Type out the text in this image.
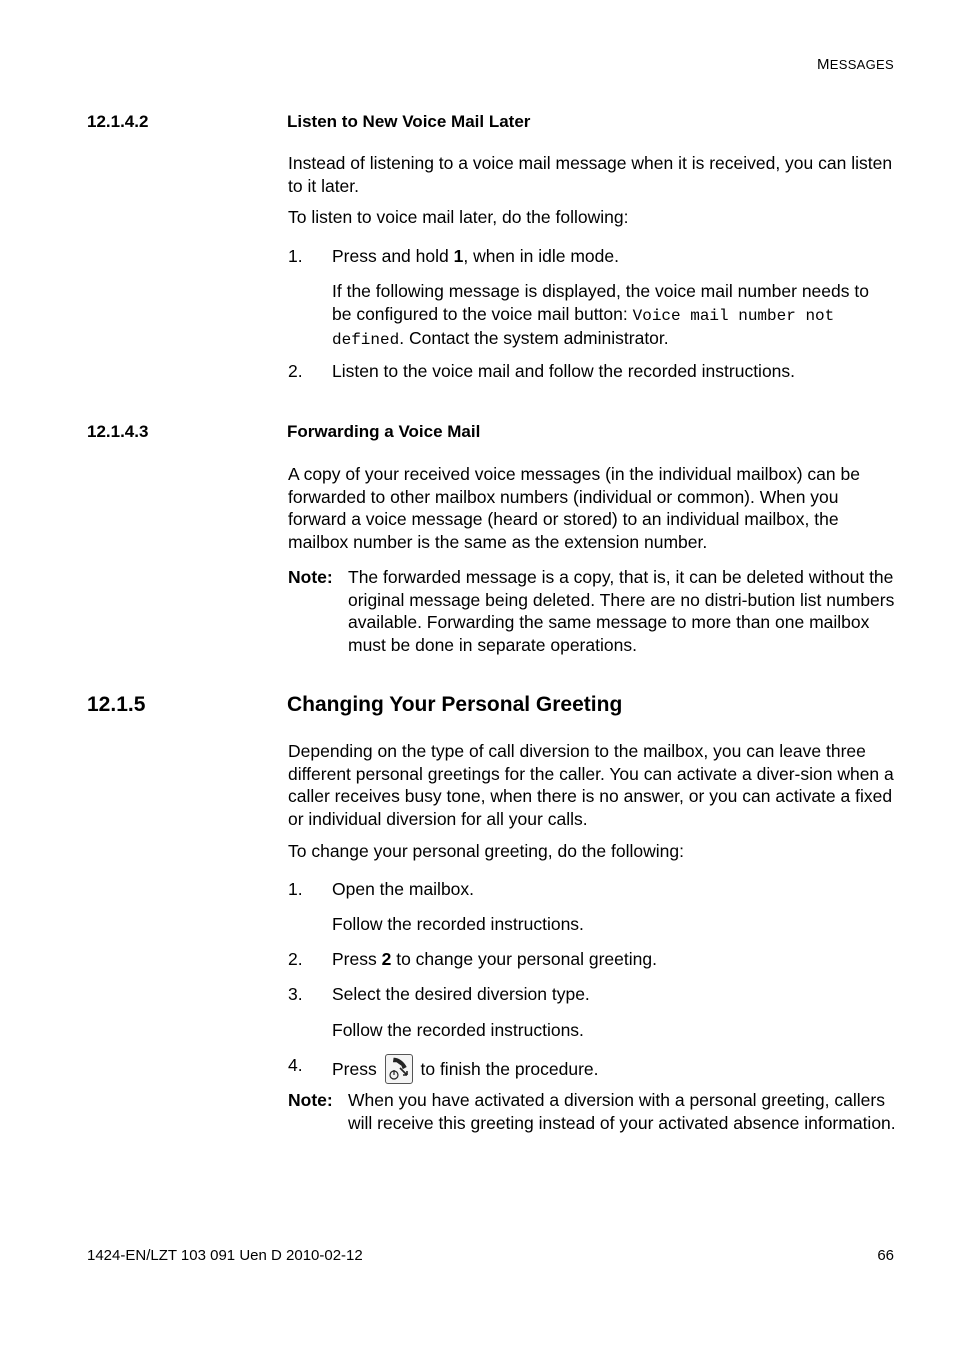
MESSAGES
12.1.4.2	Listen to New Voice Mail Later
Instead of listening to a voice mail message when it is received, you can listen to it later.
To listen to voice mail later, do the following:
1. Press and hold 1, when in idle mode.
If the following message is displayed, the voice mail number needs to be configured to the voice mail button: Voice mail number not defined. Contact the system administrator.
2. Listen to the voice mail and follow the recorded instructions.
12.1.4.3	Forwarding a Voice Mail
A copy of your received voice messages (in the individual mailbox) can be forwarded to other mailbox numbers (individual or common). When you forward a voice message (heard or stored) to an individual mailbox, the mailbox number is the same as the extension number.
Note: The forwarded message is a copy, that is, it can be deleted without the original message being deleted. There are no distri-bution list numbers available. Forwarding the same message to more than one mailbox must be done in separate operations.
12.1.5	Changing Your Personal Greeting
Depending on the type of call diversion to the mailbox, you can leave three different personal greetings for the caller. You can activate a diver-sion when a caller receives busy tone, when there is no answer, or you can activate a fixed or individual diversion for all your calls.
To change your personal greeting, do the following:
1. Open the mailbox.
Follow the recorded instructions.
2. Press 2 to change your personal greeting.
3. Select the desired diversion type.
Follow the recorded instructions.
4. Press	to finish the procedure.
Note: When you have activated a diversion with a personal greeting, callers will receive this greeting instead of your activated absence information.
1424-EN/LZT 103 091 Uen D 2010-02-12	66
